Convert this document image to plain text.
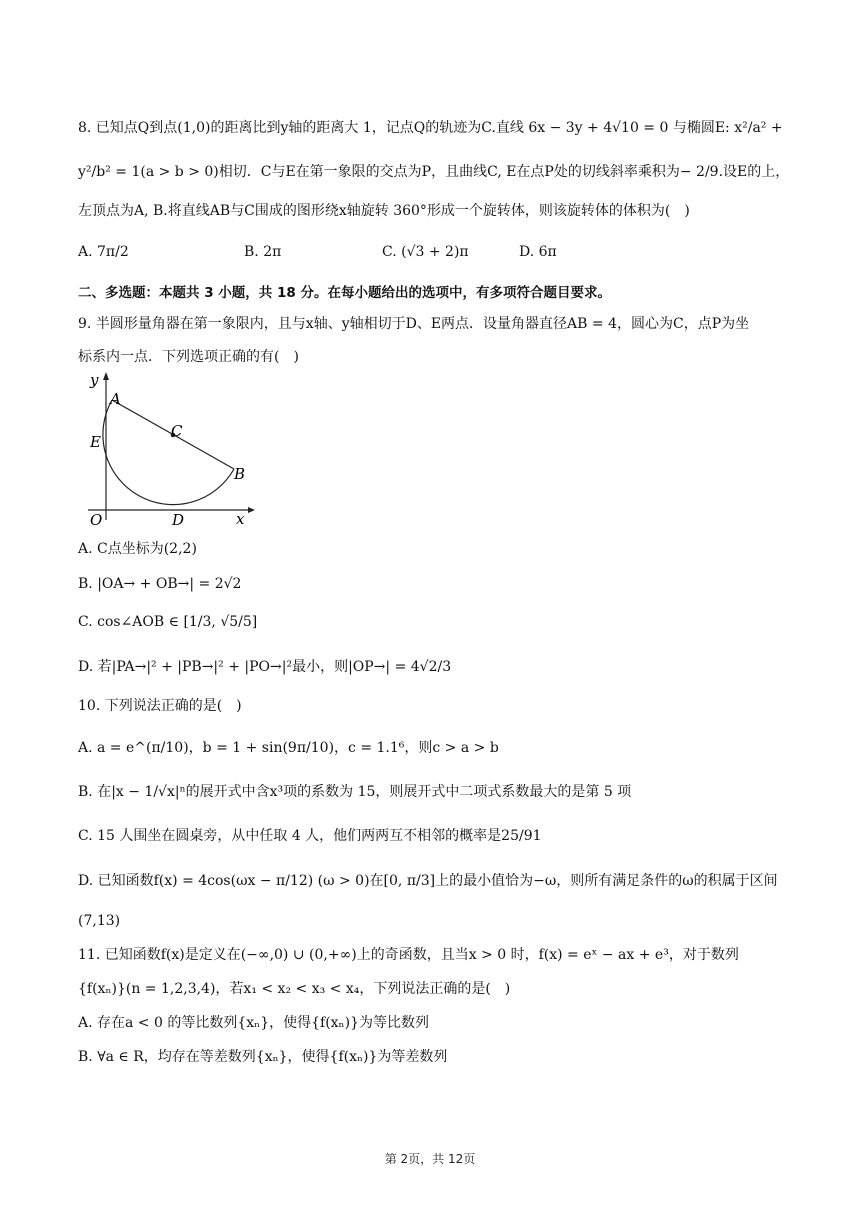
8. 已知点Q到点(1,0)的距离比到y轴的距离大 1，记点Q的轨迹为C.直线 6x − 3y + 4√10 = 0 与椭圆E: x²/a² +
y²/b² = 1(a > b > 0)相切．C与E在第一象限的交点为P，且曲线C, E在点P处的切线斜率乘积为− 2/9.设E的上，
左顶点为A, B.将直线AB与C围成的图形绕x轴旋转 360°形成一个旋转体，则该旋转体的体积为(　)
A. 7π/2	B. 2π	C. (√3 + 2)π	D. 6π
二、多选题：本题共 3 小题，共 18 分。在每小题给出的选项中，有多项符合题目要求。
9. 半圆形量角器在第一象限内，且与x轴、y轴相切于D、E两点．设量角器直径AB = 4，圆心为C，点P为坐
标系内一点．下列选项正确的有(　)
y
x
A
B
C
D
E
O
A. C点坐标为(2,2)
B. |OA→ + OB→| = 2√2
C. cos∠AOB ∈ [1/3, √5/5]
D. 若|PA→|² + |PB→|² + |PO→|²最小，则|OP→| = 4√2/3
10. 下列说法正确的是(　)
A. a = e^(π/10)，b = 1 + sin(9π/10)，c = 1.1⁶，则c > a > b
B. 在|x − 1/√x|ⁿ的展开式中含x³项的系数为 15，则展开式中二项式系数最大的是第 5 项
C. 15 人围坐在圆桌旁，从中任取 4 人，他们两两互不相邻的概率是25/91
D. 已知函数f(x) = 4cos(ωx − π/12) (ω > 0)在[0, π/3]上的最小值恰为−ω，则所有满足条件的ω的积属于区间
(7,13)
11. 已知函数f(x)是定义在(−∞,0) ∪ (0,+∞)上的奇函数，且当x > 0 时，f(x) = eˣ − ax + e³，对于数列
{f(xₙ)}(n = 1,2,3,4)，若x₁ < x₂ < x₃ < x₄，下列说法正确的是(　)
A. 存在a < 0 的等比数列{xₙ}，使得{f(xₙ)}为等比数列
B. ∀a ∈ R，均存在等差数列{xₙ}，使得{f(xₙ)}为等差数列
第 2页，共 12页
